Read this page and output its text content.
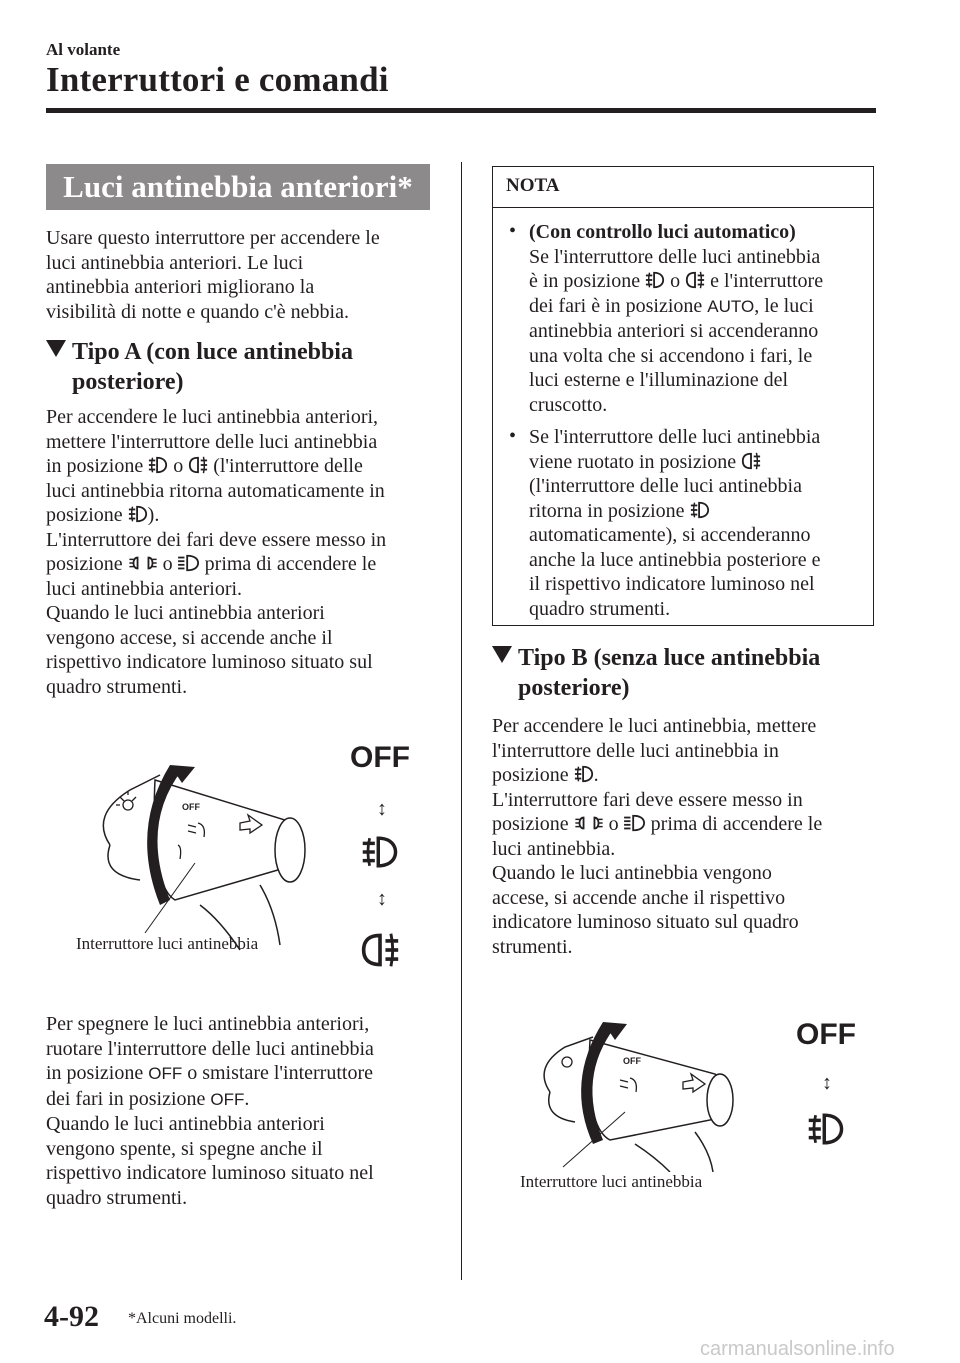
Al volante
Interruttori e comandi
Luci antinebbia anteriori*
Usare questo interruttore per accendere le
luci antinebbia anteriori. Le luci
antinebbia anteriori migliorano la
visibilità di notte e quando c'è nebbia.
Tipo A (con luce antinebbia
posteriore)
Per accendere le luci antinebbia anteriori,
mettere l'interruttore delle luci antinebbia
in posizione o (l'interruttore delle
luci antinebbia ritorna automaticamente in
posizione ).
L'interruttore dei fari deve essere messo in
posizione o prima di accendere le
luci antinebbia anteriori.
Quando le luci antinebbia anteriori
vengono accese, si accende anche il
rispettivo indicatore luminoso situato sul
quadro strumenti.
OFF
Interruttore luci antinebbia
OFF
↕
↕
Per spegnere le luci antinebbia anteriori,
ruotare l'interruttore delle luci antinebbia
in posizione OFF o smistare l'interruttore
dei fari in posizione OFF.
Quando le luci antinebbia anteriori
vengono spente, si spegne anche il
rispettivo indicatore luminoso situato nel
quadro strumenti.
NOTA
• (Con controllo luci automatico)
Se l'interruttore delle luci antinebbia
è in posizione o e l'interruttore
dei fari è in posizione AUTO, le luci
antinebbia anteriori si accenderanno
una volta che si accendono i fari, le
luci esterne e l'illuminazione del
cruscotto.
• Se l'interruttore delle luci antinebbia
viene ruotato in posizione
(l'interruttore delle luci antinebbia
ritorna in posizione
automaticamente), si accenderanno
anche la luce antinebbia posteriore e
il rispettivo indicatore luminoso nel
quadro strumenti.
Tipo B (senza luce antinebbia
posteriore)
Per accendere le luci antinebbia, mettere
l'interruttore delle luci antinebbia in
posizione .
L'interruttore fari deve essere messo in
posizione o prima di accendere le
luci antinebbia.
Quando le luci antinebbia vengono
accese, si accende anche il rispettivo
indicatore luminoso situato sul quadro
strumenti.
OFF
Interruttore luci antinebbia
OFF
↕
4-92 *Alcuni modelli.
carmanualsonline.info
